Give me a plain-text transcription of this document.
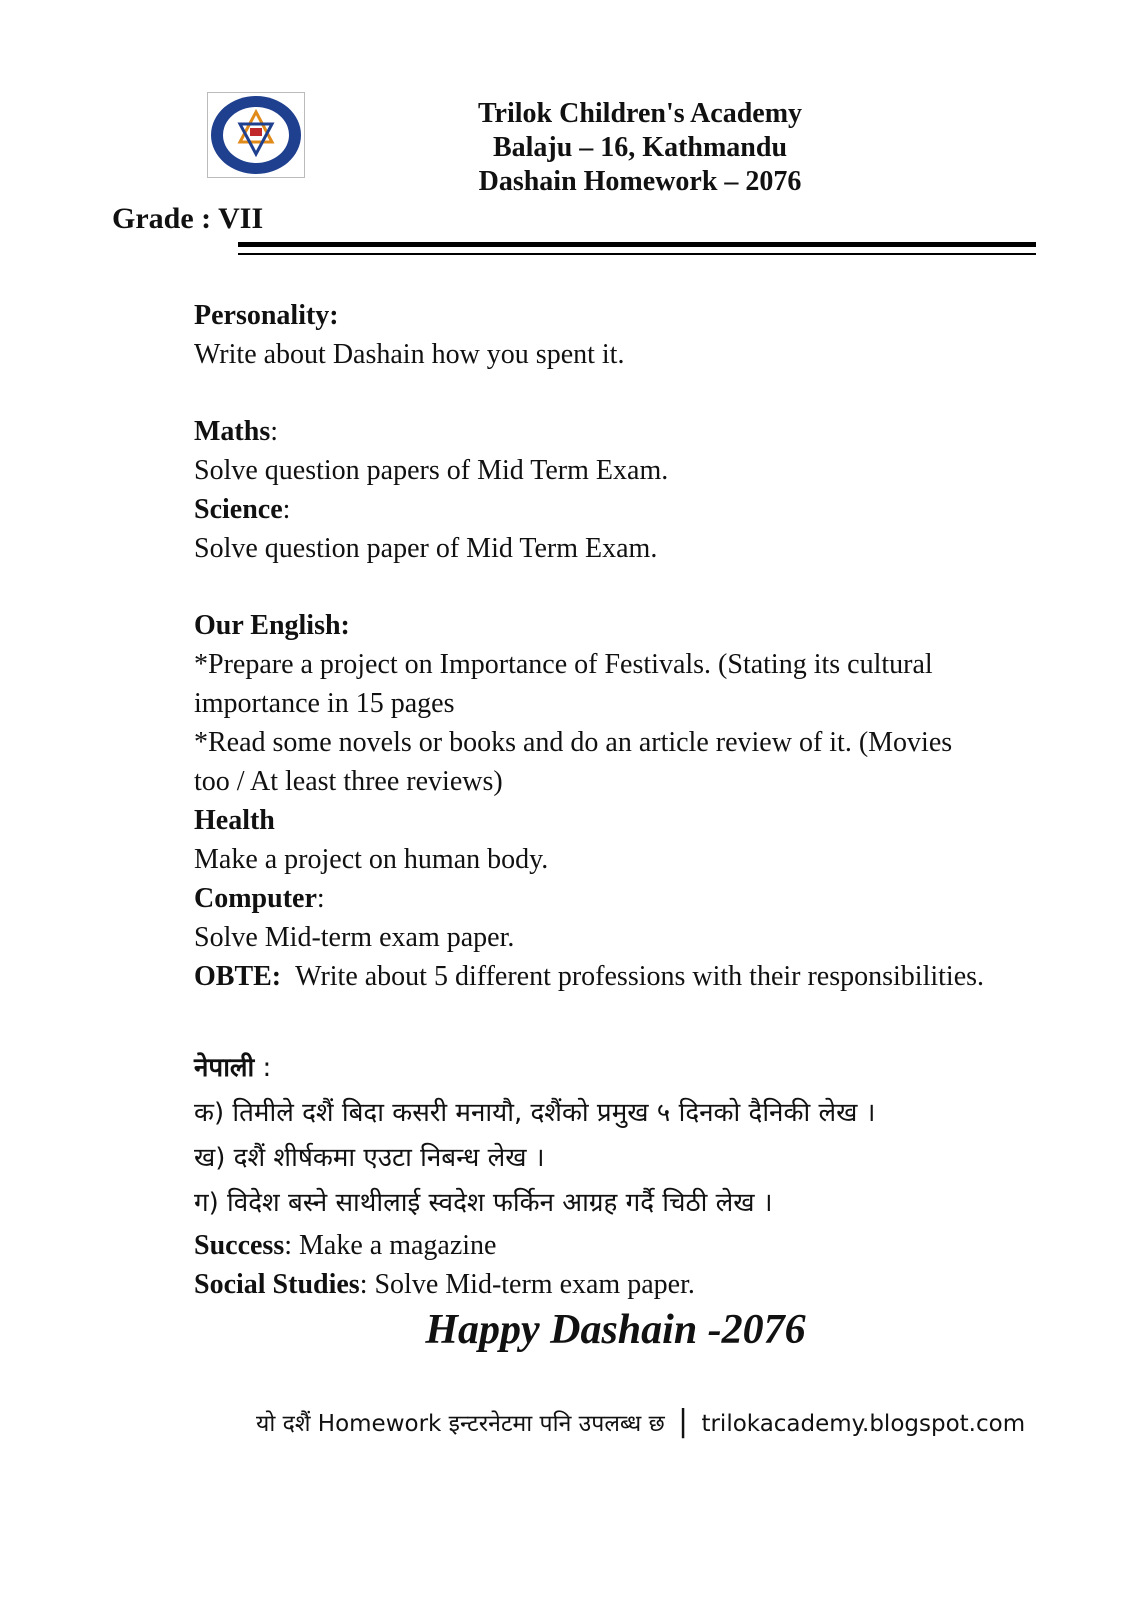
Trilok Children's Academy
Balaju – 16, Kathmandu
Dashain Homework – 2076
Grade : VII
Personality:
Write about Dashain how you spent it.
Maths:
Solve question papers of Mid Term Exam.
Science:
Solve question paper of Mid Term Exam.
Our English:
*Prepare a project on Importance of Festivals. (Stating its cultural
importance in 15 pages
*Read some novels or books and do an article review of it. (Movies
too / At least three reviews)
Health
Make a project on human body.
Computer:
Solve Mid-term exam paper.
OBTE: Write about 5 different professions with their responsibilities.
नेपाली :
क) तिमीले दशैं बिदा कसरी मनायौ, दशैंको प्रमुख ५ दिनको दैनिकी लेख ।
ख) दशैं शीर्षकमा एउटा निबन्ध लेख ।
ग) विदेश बस्ने साथीलाई स्वदेश फर्किन आग्रह गर्दै चिठी लेख ।
Success: Make a magazine
Social Studies: Solve Mid-term exam paper.
Happy Dashain -2076
यो दशैं Homework इन्टरनेटमा पनि उपलब्ध छ | trilokacademy.blogspot.com
